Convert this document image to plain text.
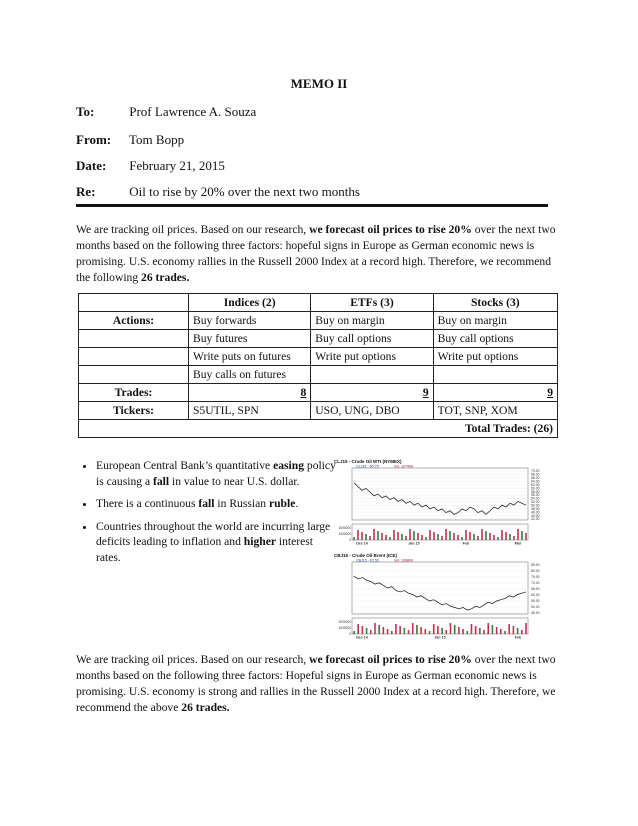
MEMO II
To:	Prof Lawrence A. Souza
From: Tom Bopp
Date: February 21, 2015
Re:	Oil to rise by 20% over the next two months
We are tracking oil prices. Based on our research, we forecast oil prices to rise 20% over the next two months based on the following three factors: hopeful signs in Europe as German economic news is promising. U.S. economy rallies in the Russell 2000 Index at a record high. Therefore, we recommend the following 26 trades.
	Indices (2)	ETFs (3)	Stocks (3)
Actions:	Buy forwards	Buy on margin	Buy on margin
	Buy futures	Buy call options	Buy call options
	Write puts on futures	Write put options	Write put options
	Buy calls on futures		
Trades:	8	9	9
Tickers:	S5UTIL, SPN	USO, UNG, DBO	TOT, SNP, XOM
Total Trades: (26)			
• European Central Bank’s quantitative easing policy is causing a fall in value to near U.S. dollar.
• There is a continuous fall in Russian ruble.
• Countries throughout the world are incurring large deficits leading to inflation and higher interest rates.
CLJ15 - Crude Oil WTI (NYMEX)
CLJ15 - 50.75	Vol: 107408
70.00
68.00
66.00
64.00
62.00
60.00
58.00
56.00
54.00
52.00
50.00
48.00
46.00
44.00
42.00
Dec 14	Jan 15	Feb	Mar
2000000
1000000
0
CBJ15 - Crude Oil Brent (ICE)
CBJ15 - 61.52	Vol: 106890
85.00
80.00
75.00
70.00
65.00
60.00
55.00
50.00
45.00
Dec 14	Jan 15	Feb
2000000
1000000
0
We are tracking oil prices. Based on our research, we forecast oil prices to rise 20% over the next two months based on the following three factors: Hopeful signs in Europe as German economic news is promising. U.S. economy is strong and rallies in the Russell 2000 Index at a record high. Therefore, we recommend the above 26 trades.
